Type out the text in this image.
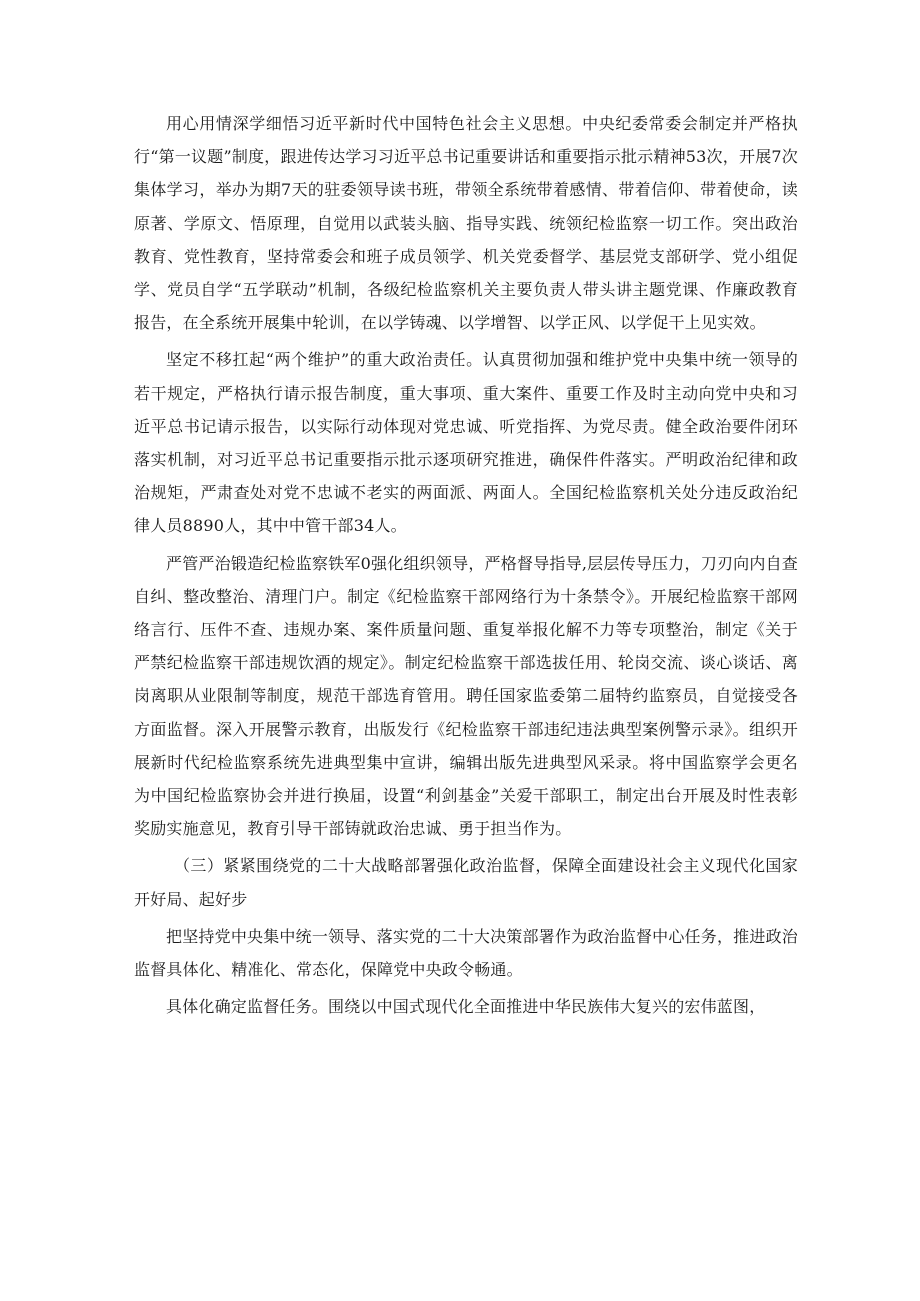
用心用情深学细悟习近平新时代中国特色社会主义思想。中央纪委常委会制定并严格执行“第一议题”制度，跟进传达学习习近平总书记重要讲话和重要指示批示精神53次，开展7次集体学习，举办为期7天的驻委领导读书班，带领全系统带着感情、带着信仰、带着使命，读原著、学原文、悟原理，自觉用以武装头脑、指导实践、统领纪检监察一切工作。突出政治教育、党性教育，坚持常委会和班子成员领学、机关党委督学、基层党支部研学、党小组促学、党员自学“五学联动”机制，各级纪检监察机关主要负责人带头讲主题党课、作廉政教育报告，在全系统开展集中轮训，在以学铸魂、以学增智、以学正风、以学促干上见实效。

坚定不移扛起“两个维护”的重大政治责任。认真贯彻加强和维护党中央集中统一领导的若干规定，严格执行请示报告制度，重大事项、重大案件、重要工作及时主动向党中央和习近平总书记请示报告，以实际行动体现对党忠诚、听党指挥、为党尽责。健全政治要件闭环落实机制，对习近平总书记重要指示批示逐项研究推进，确保件件落实。严明政治纪律和政治规矩，严肃查处对党不忠诚不老实的两面派、两面人。全国纪检监察机关处分违反政治纪律人员8890人，其中中管干部34人。

严管严治锻造纪检监察铁军0强化组织领导，严格督导指导,层层传导压力，刀刃向内自查自纠、整改整治、清理门户。制定《纪检监察干部网络行为十条禁令》。开展纪检监察干部网络言行、压件不查、违规办案、案件质量问题、重复举报化解不力等专项整治，制定《关于严禁纪检监察干部违规饮酒的规定》。制定纪检监察干部选拔任用、轮岗交流、谈心谈话、离岗离职从业限制等制度，规范干部选育管用。聘任国家监委第二届特约监察员，自觉接受各方面监督。深入开展警示教育，出版发行《纪检监察干部违纪违法典型案例警示录》。组织开展新时代纪检监察系统先进典型集中宣讲，编辑出版先进典型风采录。将中国监察学会更名为中国纪检监察协会并进行换届，设置“利剑基金”关爱干部职工，制定出台开展及时性表彰奖励实施意见，教育引导干部铸就政治忠诚、勇于担当作为。

（三）紧紧围绕党的二十大战略部署强化政治监督，保障全面建设社会主义现代化国家开好局、起好步

把坚持党中央集中统一领导、落实党的二十大决策部署作为政治监督中心任务，推进政治监督具体化、精准化、常态化，保障党中央政令畅通。

具体化确定监督任务。围绕以中国式现代化全面推进中华民族伟大复兴的宏伟蓝图，
